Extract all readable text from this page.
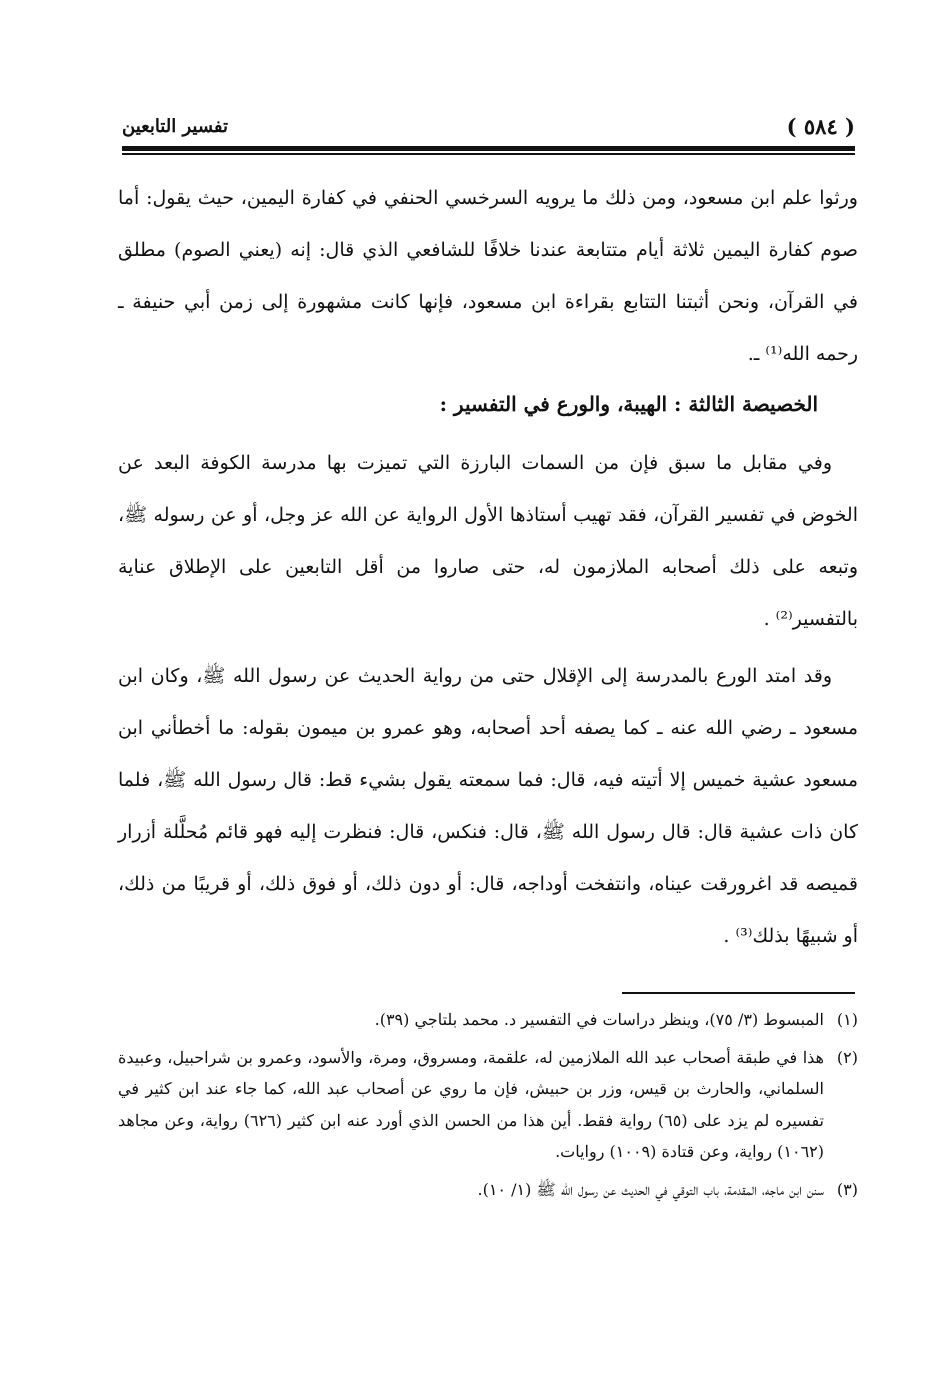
( ٥٨٤ )
تفسير التابعين

ورثوا علم ابن مسعود، ومن ذلك ما يرويه السرخسي الحنفي في كفارة اليمين، حيث يقول: أما صوم كفارة اليمين ثلاثة أيام متتابعة عندنا خلافًا للشافعي الذي قال: إنه (يعني الصوم) مطلق في القرآن، ونحن أثبتنا التتابع بقراءة ابن مسعود، فإنها كانت مشهورة إلى زمن أبي حنيفة ـ رحمه الله⁽¹⁾ ـ.

الخصيصة الثالثة : الهيبة، والورع في التفسير :

وفي مقابل ما سبق فإن من السمات البارزة التي تميزت بها مدرسة الكوفة البعد عن الخوض في تفسير القرآن، فقد تهيب أستاذها الأول الرواية عن الله عز وجل، أو عن رسوله ﷺ، وتبعه على ذلك أصحابه الملازمون له، حتى صاروا من أقل التابعين على الإطلاق عناية بالتفسير⁽²⁾ .

وقد امتد الورع بالمدرسة إلى الإقلال حتى من رواية الحديث عن رسول الله ﷺ، وكان ابن مسعود ـ رضي الله عنه ـ كما يصفه أحد أصحابه، وهو عمرو بن ميمون بقوله: ما أخطأني ابن مسعود عشية خميس إلا أتيته فيه، قال: فما سمعته يقول بشيء قط: قال رسول الله ﷺ، فلما كان ذات عشية قال: قال رسول الله ﷺ، قال: فنكس، قال: فنظرت إليه فهو قائم مُحلَّلة أزرار قميصه قد اغرورقت عيناه، وانتفخت أوداجه، قال: أو دون ذلك، أو فوق ذلك، أو قريبًا من ذلك، أو شبيهًا بذلك⁽³⁾ .

(١)
المبسوط (٣/ ٧٥)، وينظر دراسات في التفسير د. محمد بلتاجي (٣٩).

(٢)
هذا في طبقة أصحاب عبد الله الملازمين له، علقمة، ومسروق، ومرة، والأسود، وعمرو بن شراحبيل، وعبيدة السلماني، والحارث بن قيس، وزر بن حبيش، فإن ما روي عن أصحاب عبد الله، كما جاء عند ابن كثير في تفسيره لم يزد على (٦٥) رواية فقط. أين هذا من الحسن الذي أورد عنه ابن كثير (٦٢٦) رواية، وعن مجاهد (١٠٦٢) رواية، وعن قتادة (١٠٠٩) روايات.

(٣)
سنن ابن ماجه، المقدمة، باب التوقي في الحديث عن رسول الله ﷺ (١/ ١٠).
